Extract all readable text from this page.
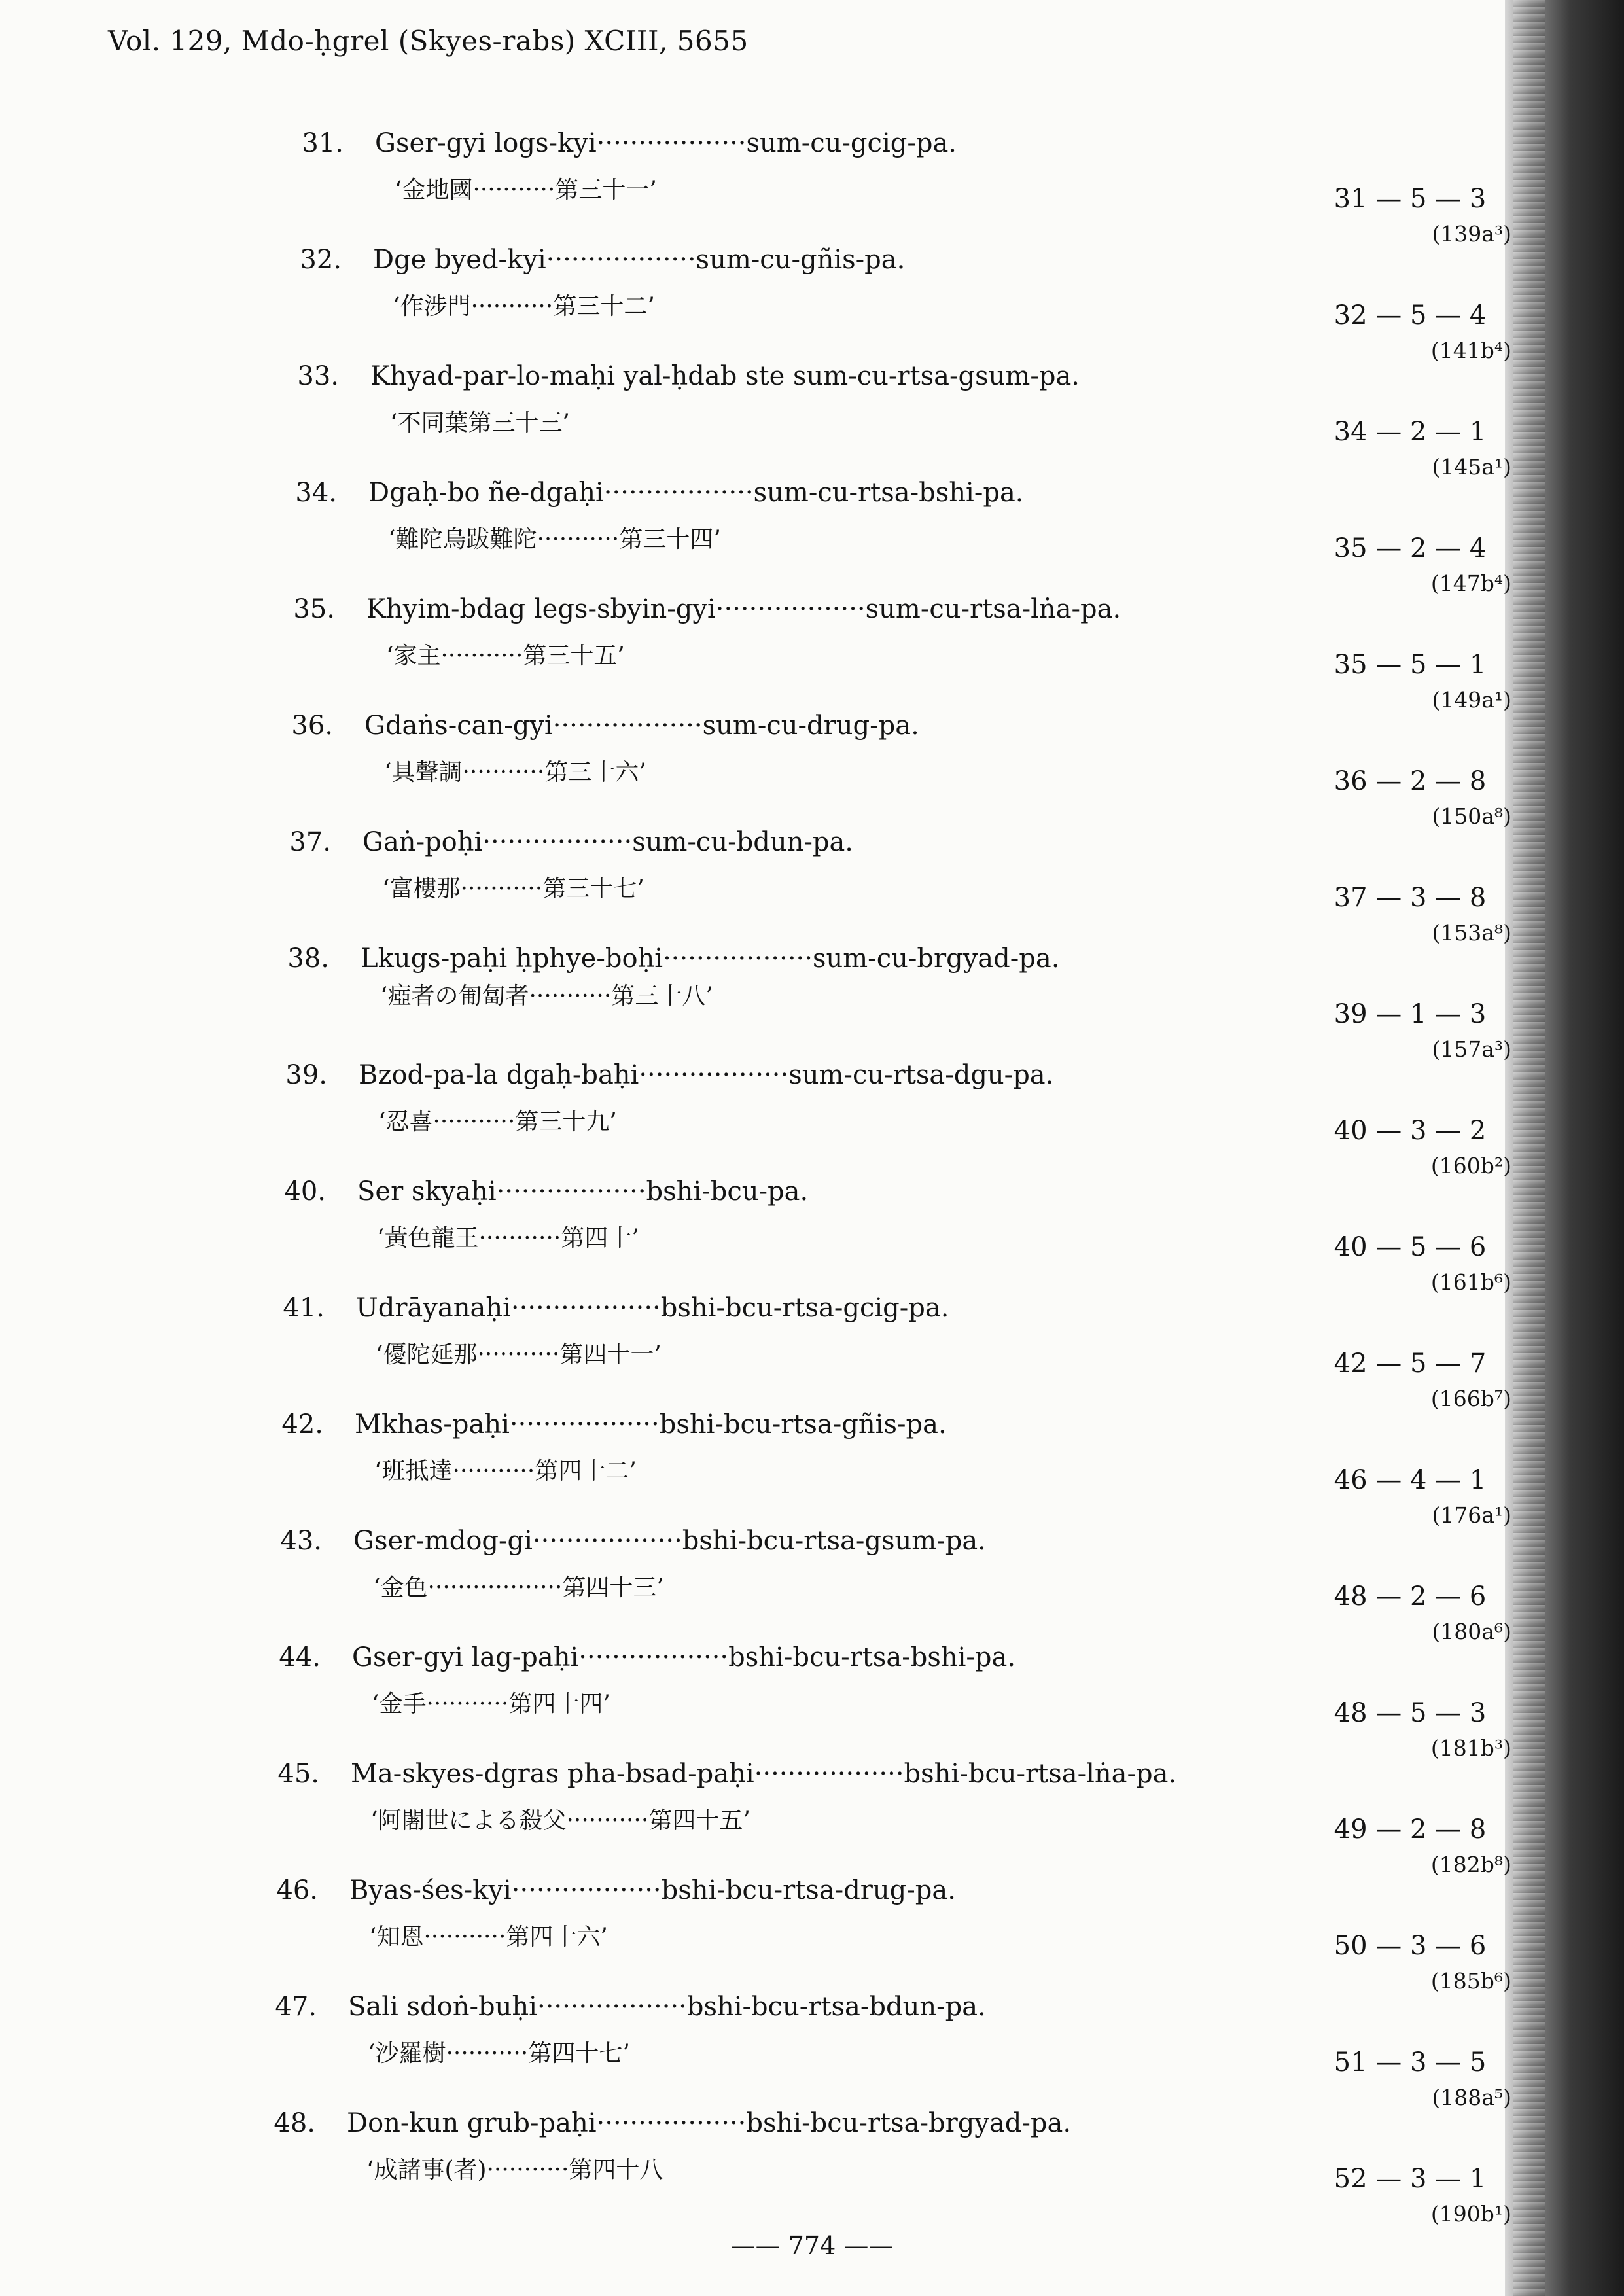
Vol. 129, Mdo-ḥgrel (Skyes-rabs) XCIII, 5655
31. Gser-gyi logs-kyi··················sum-cu-gcig-pa.
‘金地國···········第三十一’	31 — 5 — 3
(139a³)
32. Dge byed-kyi··················sum-cu-gñis-pa.
‘作涉門···········第三十二’	32 — 5 — 4
(141b⁴)
33. Khyad-par-lo-maḥi yal-ḥdab ste sum-cu-rtsa-gsum-pa.
‘不同葉第三十三’	34 — 2 — 1
(145a¹)
34. Dgaḥ-bo ñe-dgaḥi··················sum-cu-rtsa-bshi-pa.
‘難陀烏跋難陀···········第三十四’	35 — 2 — 4
(147b⁴)
35. Khyim-bdag legs-sbyin-gyi··················sum-cu-rtsa-lṅa-pa.
‘家主···········第三十五’	35 — 5 — 1
(149a¹)
36. Gdaṅs-can-gyi··················sum-cu-drug-pa.
‘具聲調···········第三十六’	36 — 2 — 8
(150a⁸)
37. Gaṅ-poḥi··················sum-cu-bdun-pa.
‘富樓那···········第三十七’	37 — 3 — 8
(153a⁸)
38. Lkugs-paḥi ḥphye-boḥi··················sum-cu-brgyad-pa.
‘瘂者の匍匐者···········第三十八’
39 — 1 — 3
(157a³)
39. Bzod-pa-la dgaḥ-baḥi··················sum-cu-rtsa-dgu-pa.
‘忍喜···········第三十九’	40 — 3 — 2
(160b²)
40. Ser skyaḥi··················bshi-bcu-pa.
‘黃色龍王···········第四十’	40 — 5 — 6
(161b⁶)
41. Udrāyanaḥi··················bshi-bcu-rtsa-gcig-pa.
‘優陀延那···········第四十一’	42 — 5 — 7
(166b⁷)
42. Mkhas-paḥi··················bshi-bcu-rtsa-gñis-pa.
‘班抵達···········第四十二’	46 — 4 — 1
(176a¹)
43. Gser-mdog-gi··················bshi-bcu-rtsa-gsum-pa.
‘金色··················第四十三’	48 — 2 — 6
(180a⁶)
44. Gser-gyi lag-paḥi··················bshi-bcu-rtsa-bshi-pa.
‘金手···········第四十四’	48 — 5 — 3
(181b³)
45. Ma-skyes-dgras pha-bsad-paḥi··················bshi-bcu-rtsa-lṅa-pa.
‘阿闍世による殺父···········第四十五’	49 — 2 — 8
(182b⁸)
46. Byas-śes-kyi··················bshi-bcu-rtsa-drug-pa.
‘知恩···········第四十六’	50 — 3 — 6
(185b⁶)
47. Sali sdoṅ-buḥi··················bshi-bcu-rtsa-bdun-pa.
‘沙羅樹···········第四十七’	51 — 3 — 5
(188a⁵)
48. Don-kun grub-paḥi··················bshi-bcu-rtsa-brgyad-pa.
‘成諸事(者)···········第四十八	52 — 3 — 1
(190b¹)
—— 774 ——
